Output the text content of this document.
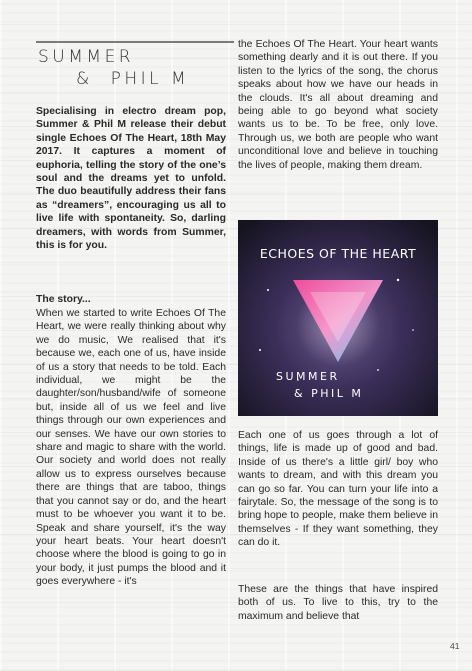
SUMMER
&  PHIL M

Specialising in electro dream pop, Summer & Phil M release their debut single Echoes Of The Heart, 18th May 2017. It captures a moment of euphoria, telling the story of the one’s soul and the dreams yet to unfold. The duo beautifully address their fans as “dreamers”, encouraging us all to live life with spontaneity. So, darling dreamers, with words from Summer, this is for you.

The story...

When we started to write Echoes Of The Heart, we were really thinking about why we do music, We realised that it's because we, each one of us, have inside of us a story that needs to be told. Each individual, we might be the daughter/son/husband/wife of someone but, inside all of us we feel and live things through our own experiences and our senses. We have our own stories to share and magic to share with the world. Our society and world does not really allow us to express ourselves because there are things that are taboo, things that you cannot say or do, and the heart must to be whoever you want it to be. Speak and share yourself, it's the way your heart beats. Your heart doesn't choose where the blood is going to go in your body, it just pumps the blood and it goes everywhere - it's

the Echoes Of The Heart. Your heart wants something dearly and it is out there. If you listen to the lyrics of the song, the chorus speaks about how we have our heads in the clouds. It's all about dreaming and being able to go beyond what society wants us to be. To be free, only love. Through us, we both are people who want unconditional love and believe in touching the lives of people, making them dream.

ECHOES OF THE HEART
SUMMER
& PHIL M

Each one of us goes through a lot of things, life is made up of good and bad. Inside of us there's a little girl/ boy who wants to dream, and with this dream you can go so far. You can turn your life into a fairytale. So, the message of the song is to bring hope to people, make them believe in themselves - If they want something, they can do it.

These are the things that have inspired both of us. To live to this, try to the maximum and believe that

41
